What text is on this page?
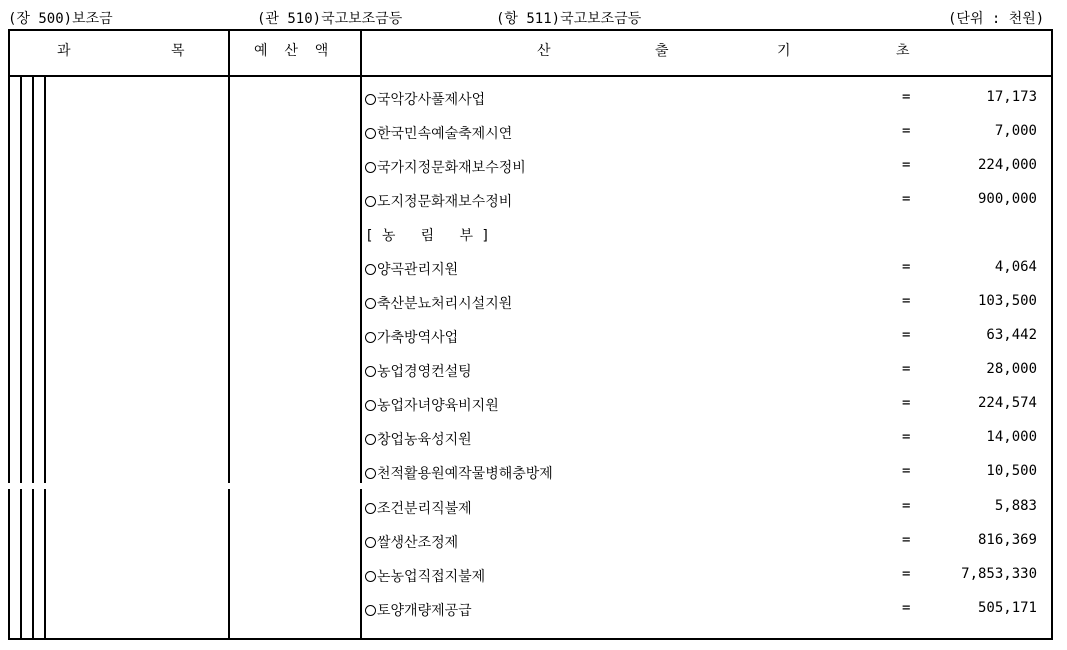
(장 500)보조금	(관 510)국고보조금등	(항 511)국고보조금등	(단위 : 천원)
과	목	예  산  액	산	출	기	초
국악강사풀제사업	=	17,173
한국민속예술축제시연	=	7,000
국가지정문화재보수정비	=	224,000
도지정문화재보수정비	=	900,000
[ 농   림   부 ]
양곡관리지원	=	4,064
축산분뇨처리시설지원	=	103,500
가축방역사업	=	63,442
농업경영컨설팅	=	28,000
농업자녀양육비지원	=	224,574
창업농육성지원	=	14,000
천적활용원예작물병해충방제	=	10,500
조건분리직불제	=	5,883
쌀생산조정제	=	816,369
논농업직접지불제	=	7,853,330
토양개량제공급	=	505,171
